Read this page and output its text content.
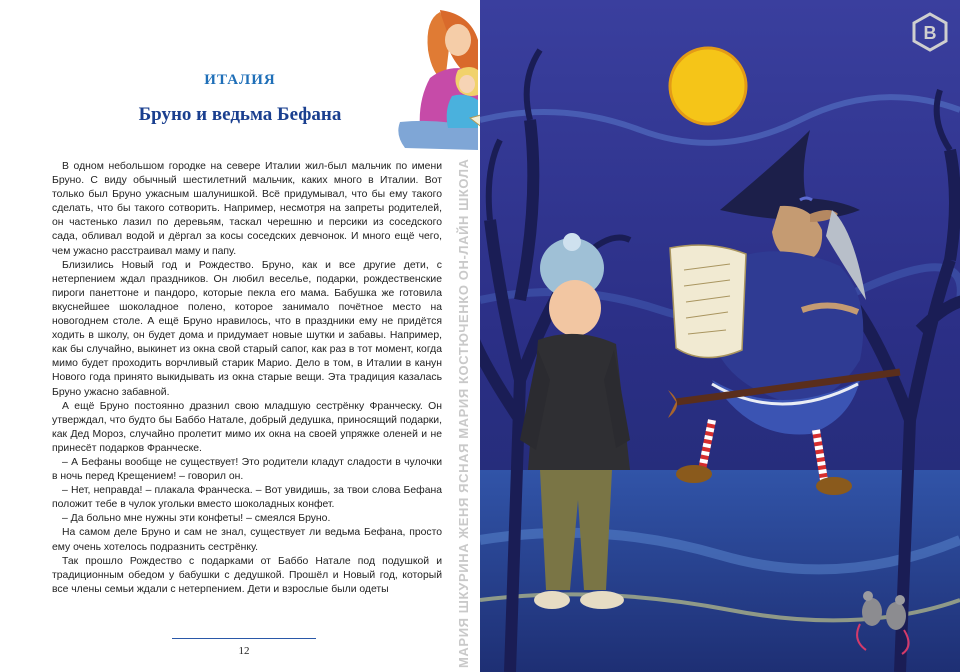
ИТАЛИЯ
Бруно и ведьма Бефана

В одном небольшом городке на севере Италии жил-был мальчик по имени Бруно. С виду обычный шестилетний мальчик, каких много в Италии. Вот только был Бруно ужасным шалунишкой. Всё придумывал, что бы ему такого сделать, что бы такого сотворить. Например, несмотря на запреты родителей, он частенько лазил по деревьям, таскал черешню и персики из соседского сада, обливал водой и дёргал за косы соседских девчонок. И много ещё чего, чем ужасно расстраивал маму и папу.

Близились Новый год и Рождество. Бруно, как и все другие дети, с нетерпением ждал праздников. Он любил веселье, подарки, рождественские пироги панеттоне и пандоро, которые пекла его мама. Бабушка же готовила вкуснейшее шоколадное полено, которое занимало почётное место на новогоднем столе. А ещё Бруно нравилось, что в праздники ему не придётся ходить в школу, он будет дома и придумает новые шутки и забавы. Например, как бы случайно, выкинет из окна свой старый сапог, как раз в тот момент, когда мимо будет проходить ворчливый старик Марио. Дело в том, в Италии в канун Нового года принято выкидывать из окна старые вещи. Эта традиция казалась Бруно ужасно забавной.

А ещё Бруно постоянно дразнил свою младшую сестрёнку Франческу. Он утверждал, что будто бы Баббо Натале, добрый дедушка, приносящий подарки, как Дед Мороз, случайно пролетит мимо их окна на своей упряжке оленей и не принесёт подарков Франческе.

– А Бефаны вообще не существует! Это родители кладут сладости в чулочки в ночь перед Крещением! – говорил он.

– Нет, неправда! – плакала Франческа. – Вот увидишь, за твои слова Бефана положит тебе в чулок угольки вместо шоколадных конфет.

– Да больно мне нужны эти конфеты! – смеялся Бруно.

На самом деле Бруно и сам не знал, существует ли ведьма Бефана, просто ему очень хотелось подразнить сестрёнку.

Так прошло Рождество с подарками от Баббо Натале под подушкой и традиционным обедом у бабушки с дедушкой. Прошёл и Новый год, который все члены семьи ждали с нетерпением. Дети и взрослые были одеты

12	МАРИЯ ШКУРИНА ЖЕНЯ ЯСНАЯ МАРИЯ КОСТЮЧЕНКО ОН-ЛАЙН ШКОЛА
B
